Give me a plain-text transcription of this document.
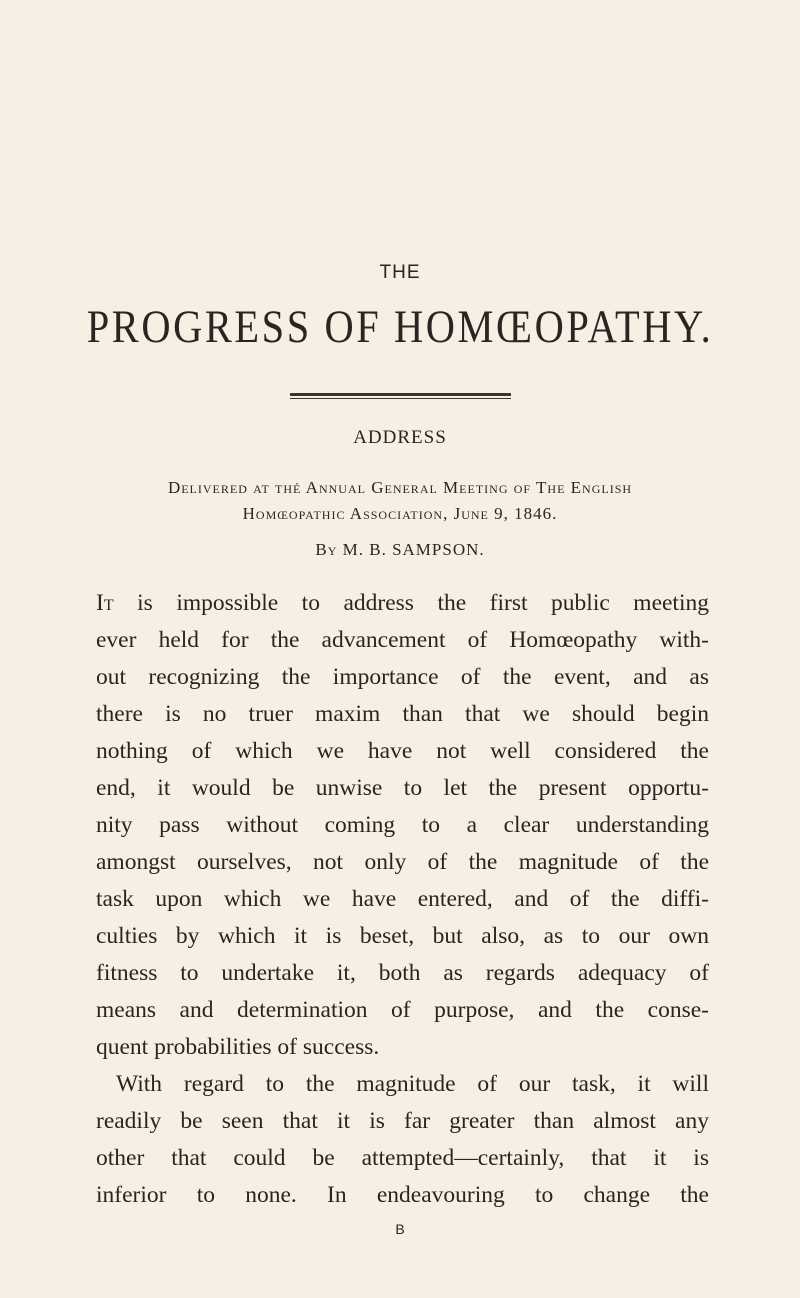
THE
PROGRESS OF HOMŒOPATHY.
ADDRESS
Delivered at thé Annual General Meeting of The English
Homœopathic Association, June 9, 1846.
By M. B. SAMPSON.
It is impossible to address the first public meeting
ever held for the advancement of Homœopathy with-
out recognizing the importance of the event, and as
there is no truer maxim than that we should begin
nothing of which we have not well considered the
end, it would be unwise to let the present opportu-
nity pass without coming to a clear understanding
amongst ourselves, not only of the magnitude of the
task upon which we have entered, and of the diffi-
culties by which it is beset, but also, as to our own
fitness to undertake it, both as regards adequacy of
means and determination of purpose, and the conse-
quent probabilities of success.
With regard to the magnitude of our task, it will
readily be seen that it is far greater than almost any
other that could be attempted—certainly, that it is
inferior to none. In endeavouring to change the
B
